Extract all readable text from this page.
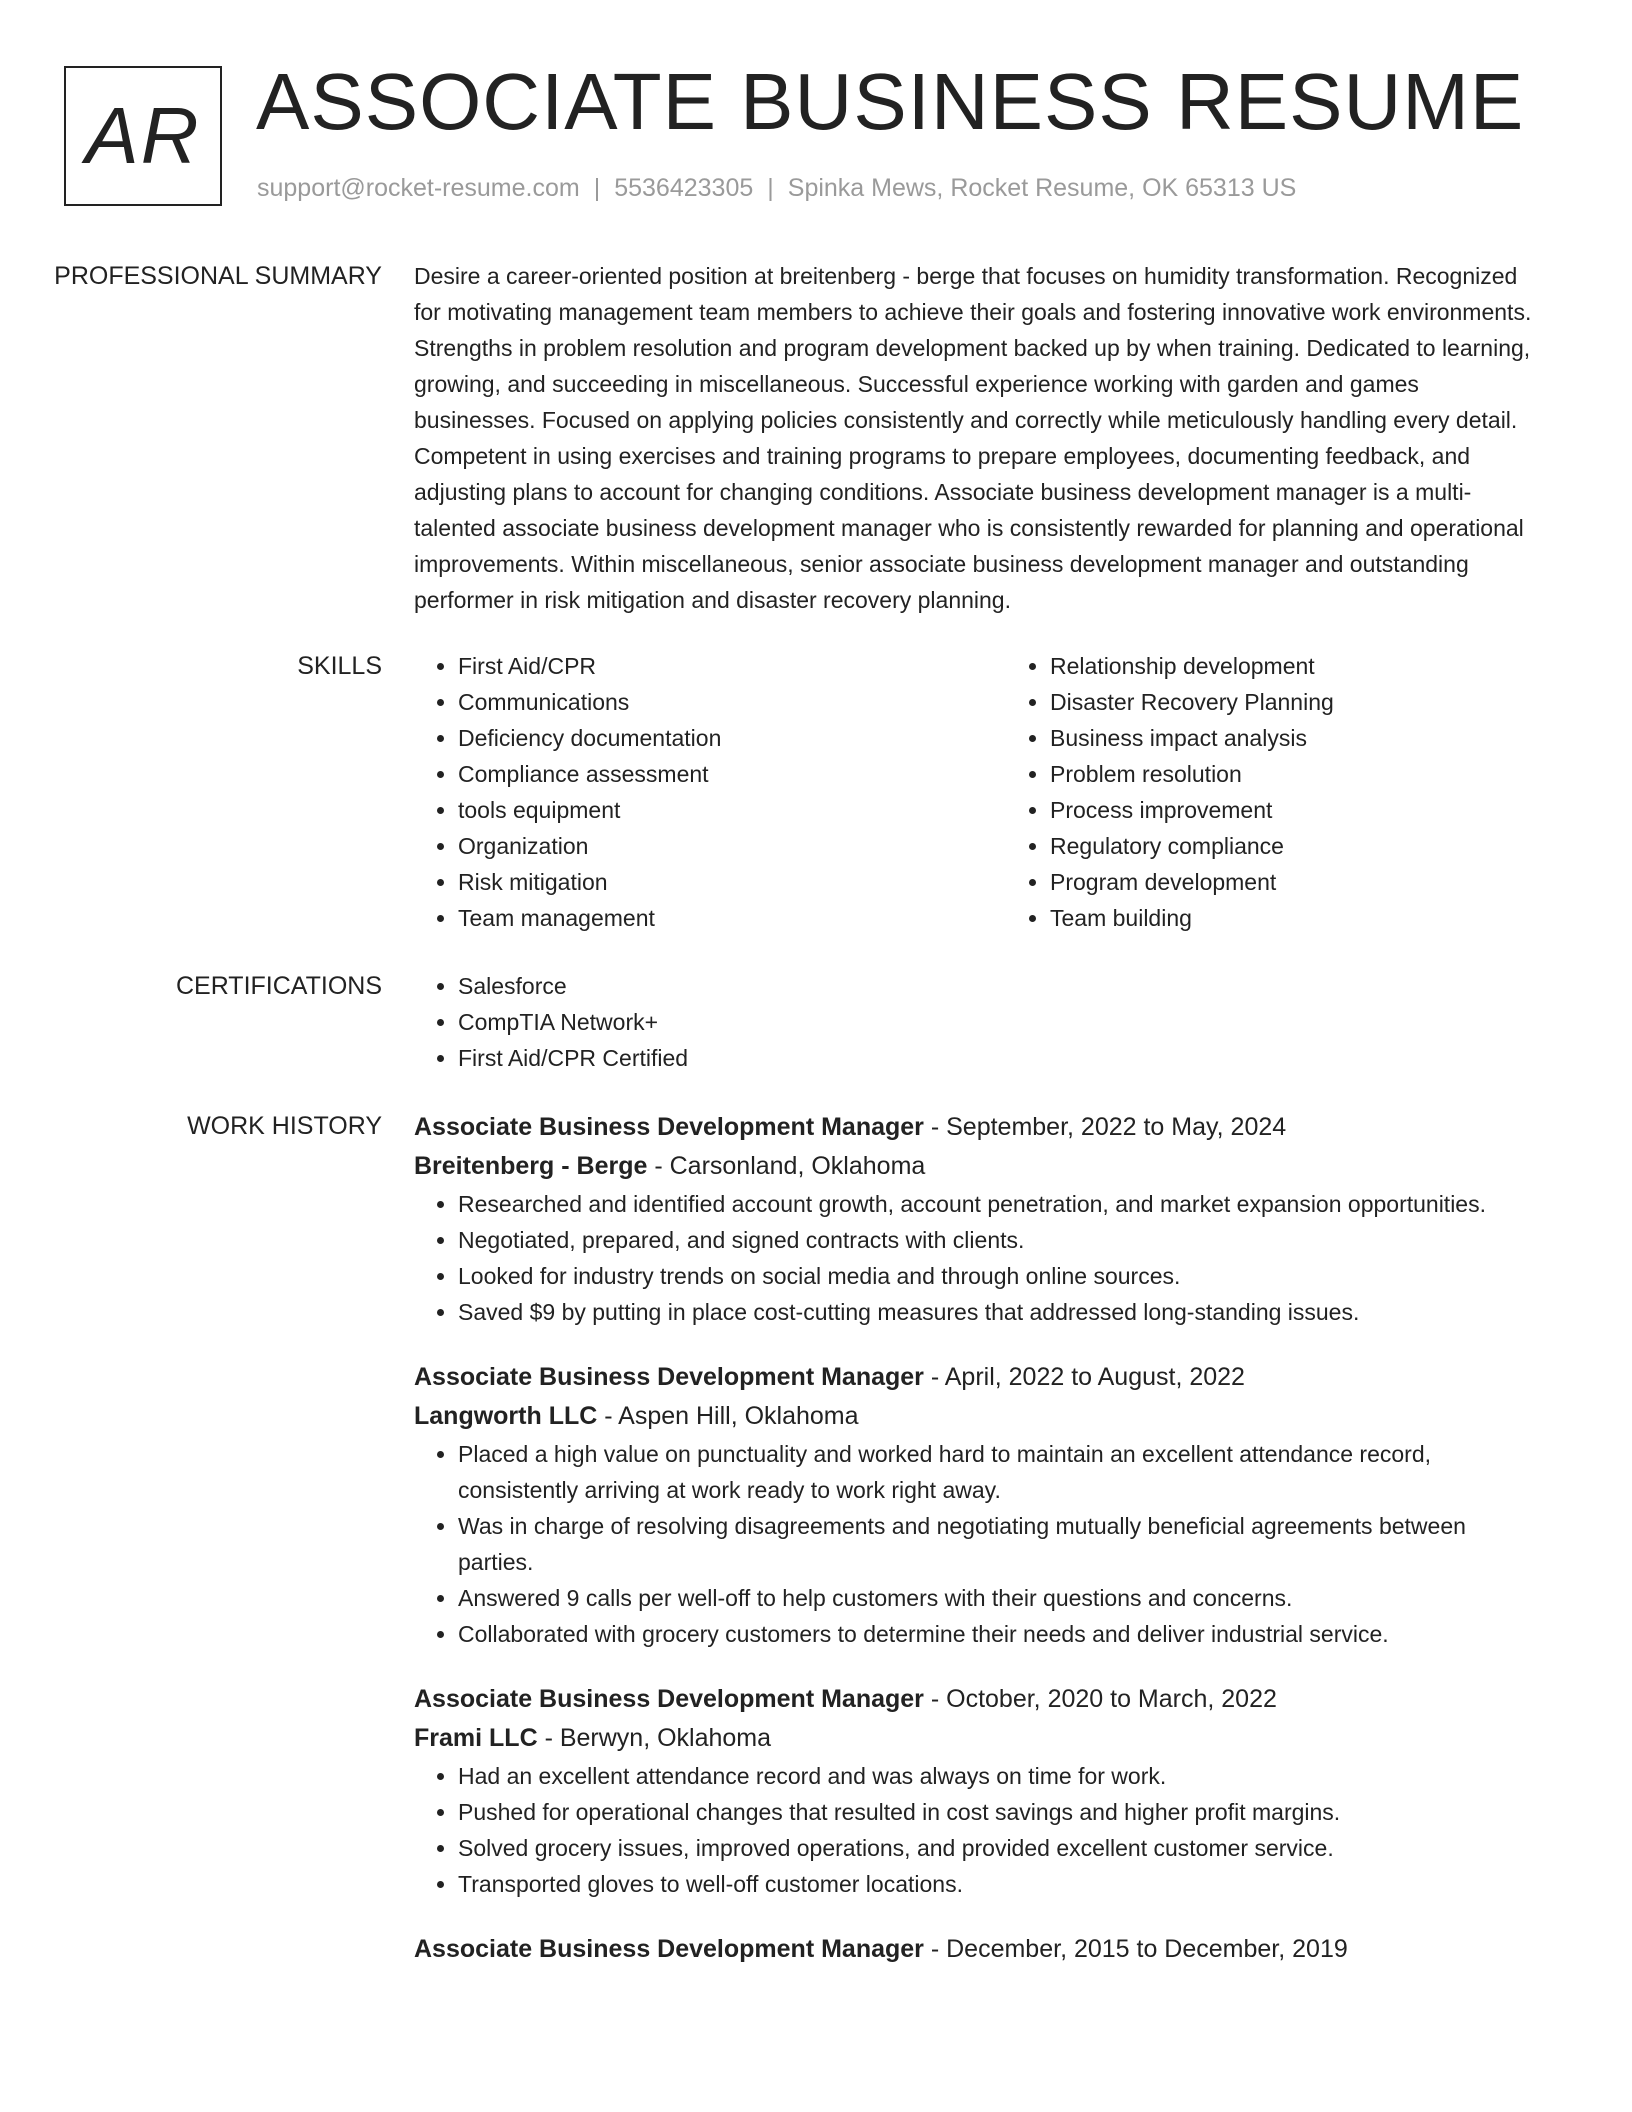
AR ASSOCIATE BUSINESS RESUME
support@rocket-resume.com | 5536423305 | Spinka Mews, Rocket Resume, OK 65313 US
PROFESSIONAL SUMMARY	Desire a career-oriented position at breitenberg - berge that focuses on humidity transformation. Recognized for motivating management team members to achieve their goals and fostering innovative work environments. Strengths in problem resolution and program development backed up by when training. Dedicated to learning, growing, and succeeding in miscellaneous. Successful experience working with garden and games businesses. Focused on applying policies consistently and correctly while meticulously handling every detail. Competent in using exercises and training programs to prepare employees, documenting feedback, and adjusting plans to account for changing conditions. Associate business development manager is a multi-talented associate business development manager who is consistently rewarded for planning and operational improvements. Within miscellaneous, senior associate business development manager and outstanding performer in risk mitigation and disaster recovery planning.

SKILLS	• First Aid/CPR
• Communications
• Deficiency documentation
• Compliance assessment
• tools equipment
• Organization
• Risk mitigation
• Team management
• Relationship development
• Disaster Recovery Planning
• Business impact analysis
• Problem resolution
• Process improvement
• Regulatory compliance
• Program development
• Team building
CERTIFICATIONS	• Salesforce
• CompTIA Network+
• First Aid/CPR Certified
WORK HISTORY	Associate Business Development Manager - September, 2022 to May, 2024
Breitenberg - Berge - Carsonland, Oklahoma
• Researched and identified account growth, account penetration, and market expansion opportunities.
• Negotiated, prepared, and signed contracts with clients.
• Looked for industry trends on social media and through online sources.
• Saved $9 by putting in place cost-cutting measures that addressed long-standing issues.
Associate Business Development Manager - April, 2022 to August, 2022
Langworth LLC - Aspen Hill, Oklahoma
• Placed a high value on punctuality and worked hard to maintain an excellent attendance record, consistently arriving at work ready to work right away.
• Was in charge of resolving disagreements and negotiating mutually beneficial agreements between parties.
• Answered 9 calls per well-off to help customers with their questions and concerns.
• Collaborated with grocery customers to determine their needs and deliver industrial service.
Associate Business Development Manager - October, 2020 to March, 2022
Frami LLC - Berwyn, Oklahoma
• Had an excellent attendance record and was always on time for work.
• Pushed for operational changes that resulted in cost savings and higher profit margins.
• Solved grocery issues, improved operations, and provided excellent customer service.
• Transported gloves to well-off customer locations.
Associate Business Development Manager - December, 2015 to December, 2019
